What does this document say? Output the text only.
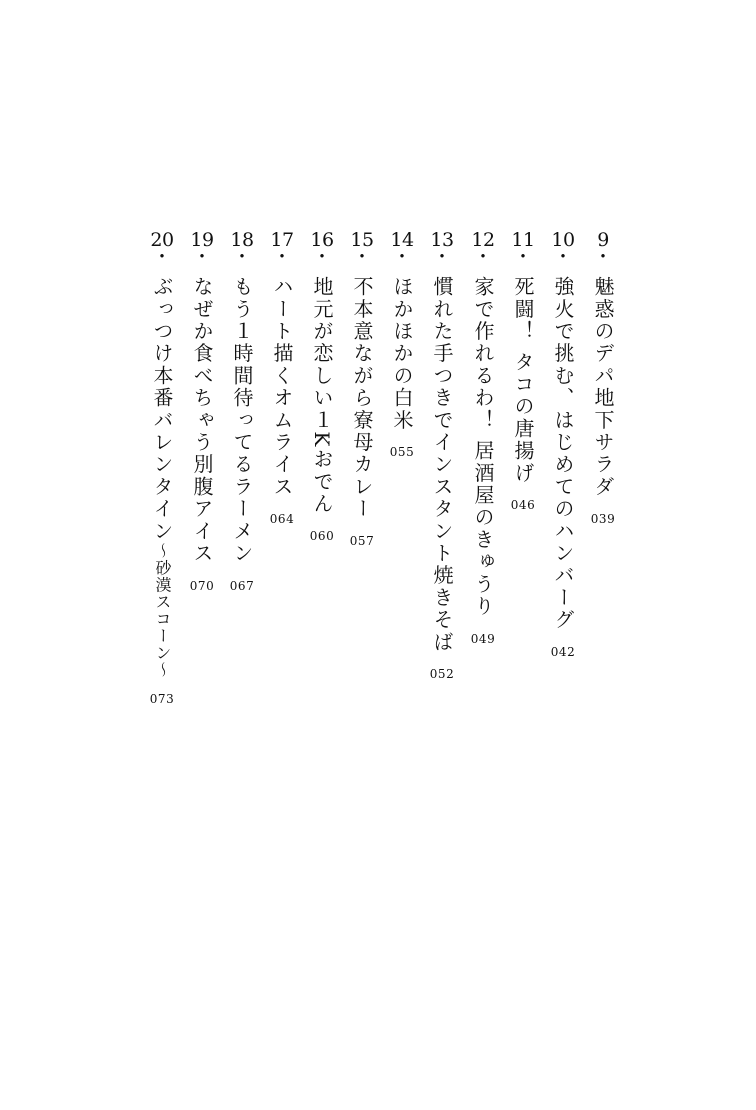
9
・
魅惑のデパ地下サラダ
039
10
・
強火で挑む、はじめてのハンバーグ
042
11
・
死闘！ タコの唐揚げ
046
12
・
家で作れるわ！ 居酒屋のきゅうり
049
13
・
慣れた手つきでインスタント焼きそば
052
14
・
ほかほかの白米
055
15
・
不本意ながら寮母カレー
057
16
・
地元が恋しい１Kおでん
060
17
・
ハート描くオムライス
064
18
・
もう１時間待ってるラーメン
067
19
・
なぜか食べちゃう別腹アイス
070
20
・
ぶっつけ本番バレンタイン～砂漠スコーン～
073
